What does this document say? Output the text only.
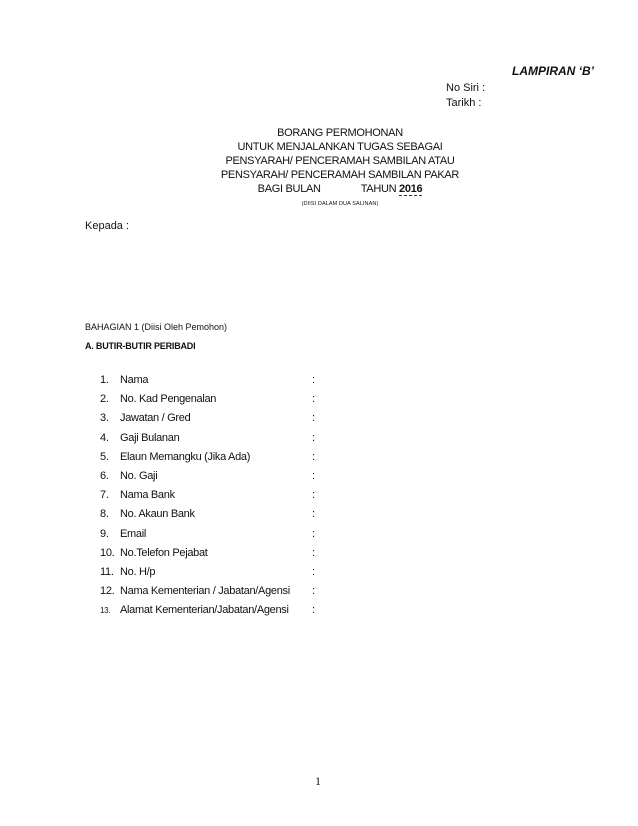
LAMPIRAN ‘B’
No Siri :
Tarikh :
BORANG PERMOHONAN
UNTUK MENJALANKAN TUGAS SEBAGAI
PENSYARAH/ PENCERAMAH SAMBILAN ATAU
PENSYARAH/ PENCERAMAH SAMBILAN PAKAR
BAGI BULAN	TAHUN 2016
(DIISI DALAM DUA SALINAN)
Kepada :
BAHAGIAN 1 (Diisi Oleh Pemohon)
A. BUTIR-BUTIR PERIBADI
1. Nama	:
2. No. Kad Pengenalan	:
3. Jawatan / Gred	:
4. Gaji Bulanan	:
5. Elaun Memangku (Jika Ada)	:
6. No. Gaji	:
7. Nama Bank	:
8. No. Akaun Bank	:
9. Email	:
10. No.Telefon Pejabat	:
11. No. H/p	:
12. Nama Kementerian / Jabatan/Agensi :
13. Alamat Kementerian/Jabatan/Agensi :
1
